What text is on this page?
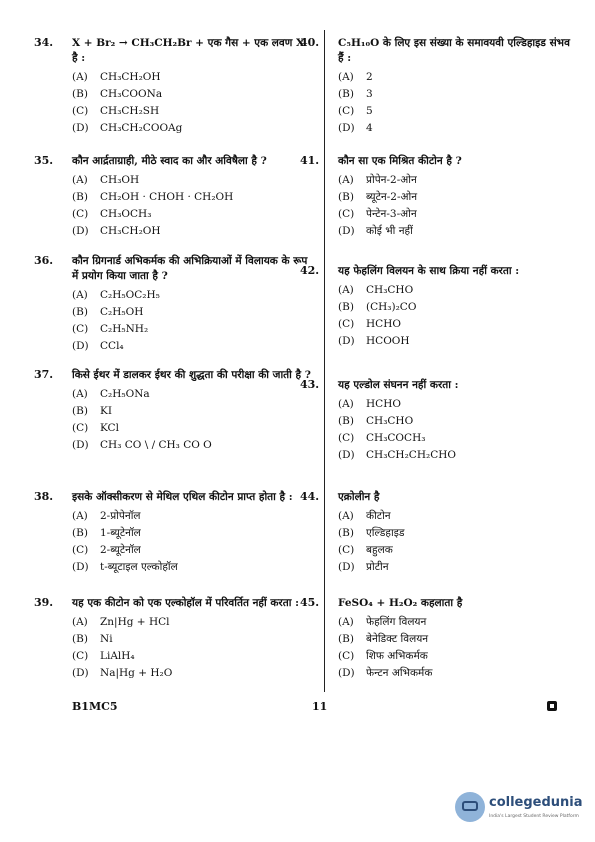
34. X + Br₂ → CH₃CH₂Br + एक गैस + एक लवण X है :
(A) CH₃CH₂OH
(B) CH₃COONa
(C) CH₃CH₂SH
(D) CH₃CH₂COOAg
35. कौन आर्द्रताग्राही, मीठे स्वाद का और अविषैला है ?
(A) CH₃OH
(B) CH₂OH · CHOH · CH₂OH
(C) CH₃OCH₃
(D) CH₃CH₂OH
36. कौन ग्रिगनार्ड अभिकर्मक की अभिक्रियाओं में विलायक के रूप में प्रयोग किया जाता है ?
(A) C₂H₅OC₂H₅
(B) C₂H₅OH
(C) C₂H₅NH₂
(D) CCl₄
37. किसे ईथर में डालकर ईथर की शुद्धता की परीक्षा की जाती है ?
(A) C₂H₅ONa
(B) KI
(C) KCl
(D) CH₃ CO \ / CH₃ CO O
38. इसके ऑक्सीकरण से मेथिल एथिल कीटोन प्राप्त होता है :
(A) 2-प्रोपेनॉल
(B) 1-ब्यूटेनॉल
(C) 2-ब्यूटेनॉल
(D) t-ब्यूटाइल एल्कोहॉल
39. यह एक कीटोन को एक एल्कोहॉल में परिवर्तित नहीं करता :
(A) Zn|Hg + HCl
(B) Ni
(C) LiAlH₄
(D) Na|Hg + H₂O
40. C₅H₁₀O के लिए इस संख्या के समावयवी एल्डिहाइड संभव हैं :
(A) 2
(B) 3
(C) 5
(D) 4
41. कौन सा एक मिश्रित कीटोन है ?
(A) प्रोपेन-2-ओन
(B) ब्यूटेन-2-ओन
(C) पेन्टेन-3-ओन
(D) कोई भी नहीं
42. यह फेहलिंग विलयन के साथ क्रिया नहीं करता :
(A) CH₃CHO
(B) (CH₃)₂CO
(C) HCHO
(D) HCOOH
43. यह एल्डोल संघनन नहीं करता :
(A) HCHO
(B) CH₃CHO
(C) CH₃COCH₃
(D) CH₃CH₂CH₂CHO
44. एक्रोलीन है
(A) कीटोन
(B) एल्डिहाइड
(C) बहुलक
(D) प्रोटीन
45. FeSO₄ + H₂O₂ कहलाता है
(A) फेहलिंग विलयन
(B) बेनेडिक्ट विलयन
(C) शिफ अभिकर्मक
(D) फेन्टन अभिकर्मक
B1MC5	11
collegedunia
India's Largest Student Review Platform
